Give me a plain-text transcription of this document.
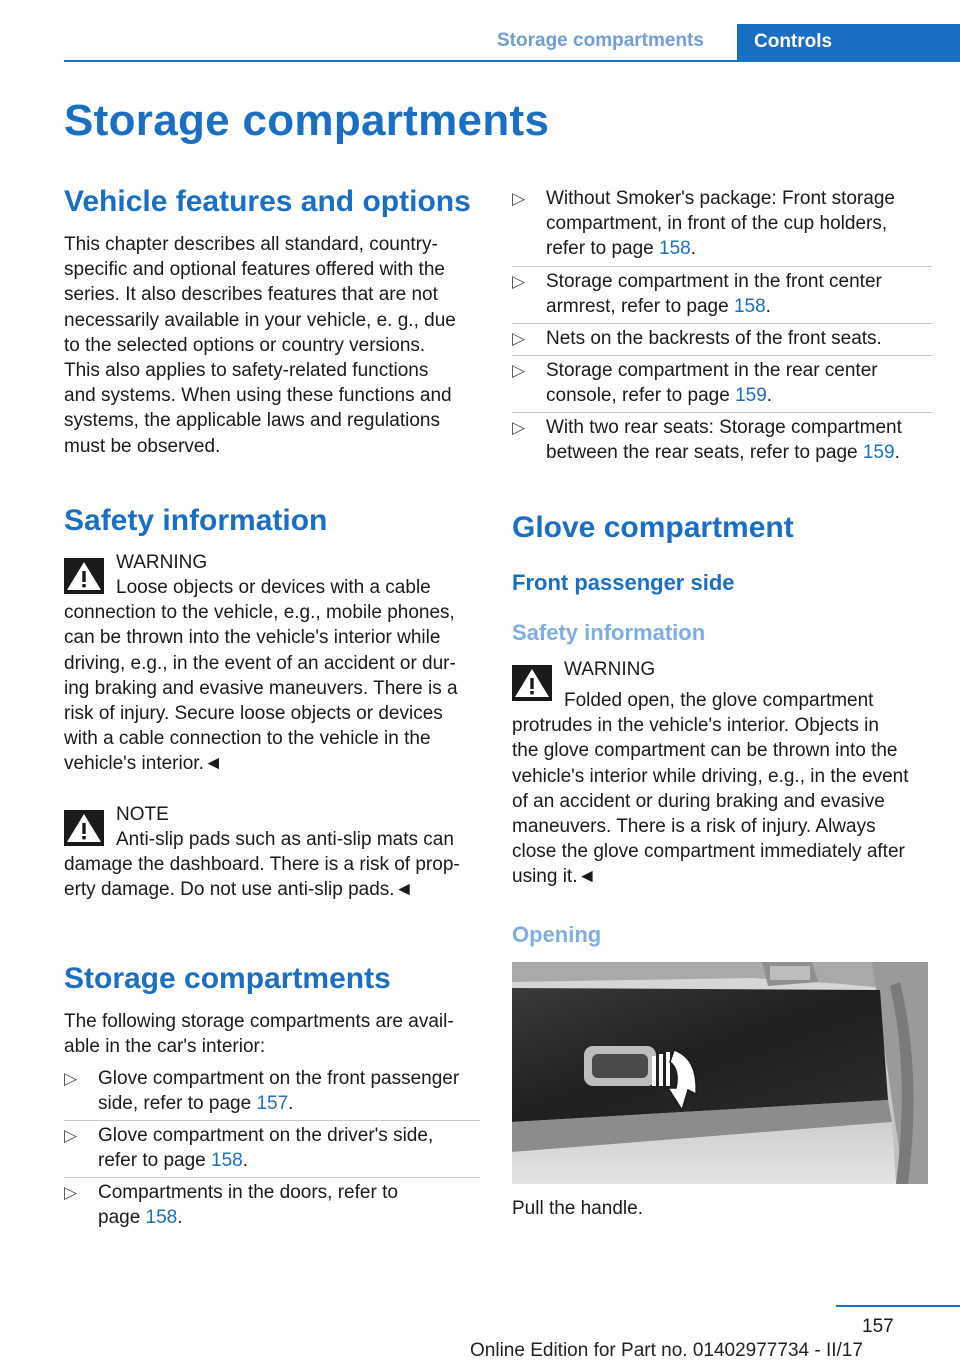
Storage compartments	Controls
Storage compartments
Vehicle features and options

This chapter describes all standard, country-
specific and optional features offered with the
series. It also describes features that are not
necessarily available in your vehicle, e. g., due
to the selected options or country versions.
This also applies to safety-related functions
and systems. When using these functions and
systems, the applicable laws and regulations
must be observed.

Safety information
WARNING
Loose objects or devices with a cable
connection to the vehicle, e.g., mobile phones,
can be thrown into the vehicle's interior while
driving, e.g., in the event of an accident or dur-
ing braking and evasive maneuvers. There is a
risk of injury. Secure loose objects or devices
with a cable connection to the vehicle in the
vehicle's interior.◄
NOTE
Anti-slip pads such as anti-slip mats can
damage the dashboard. There is a risk of prop-
erty damage. Do not use anti-slip pads.◄
Storage compartments

The following storage compartments are avail-
able in the car's interior:

▷ Glove compartment on the front passenger
side, refer to page 157.
▷ Glove compartment on the driver's side,
refer to page 158.
▷ Compartments in the doors, refer to
page 158.
▷ Without Smoker's package: Front storage
compartment, in front of the cup holders,
refer to page 158.
▷ Storage compartment in the front center
armrest, refer to page 158.
▷ Nets on the backrests of the front seats.
▷ Storage compartment in the rear center
console, refer to page 159.
▷ With two rear seats: Storage compartment
between the rear seats, refer to page 159.
Glove compartment
Front passenger side
Safety information
WARNING
Folded open, the glove compartment
protrudes in the vehicle's interior. Objects in
the glove compartment can be thrown into the
vehicle's interior while driving, e.g., in the event
of an accident or during braking and evasive
maneuvers. There is a risk of injury. Always
close the glove compartment immediately after
using it.◄
Opening

Pull the handle.

157
Online Edition for Part no. 01402977734 - II/17
